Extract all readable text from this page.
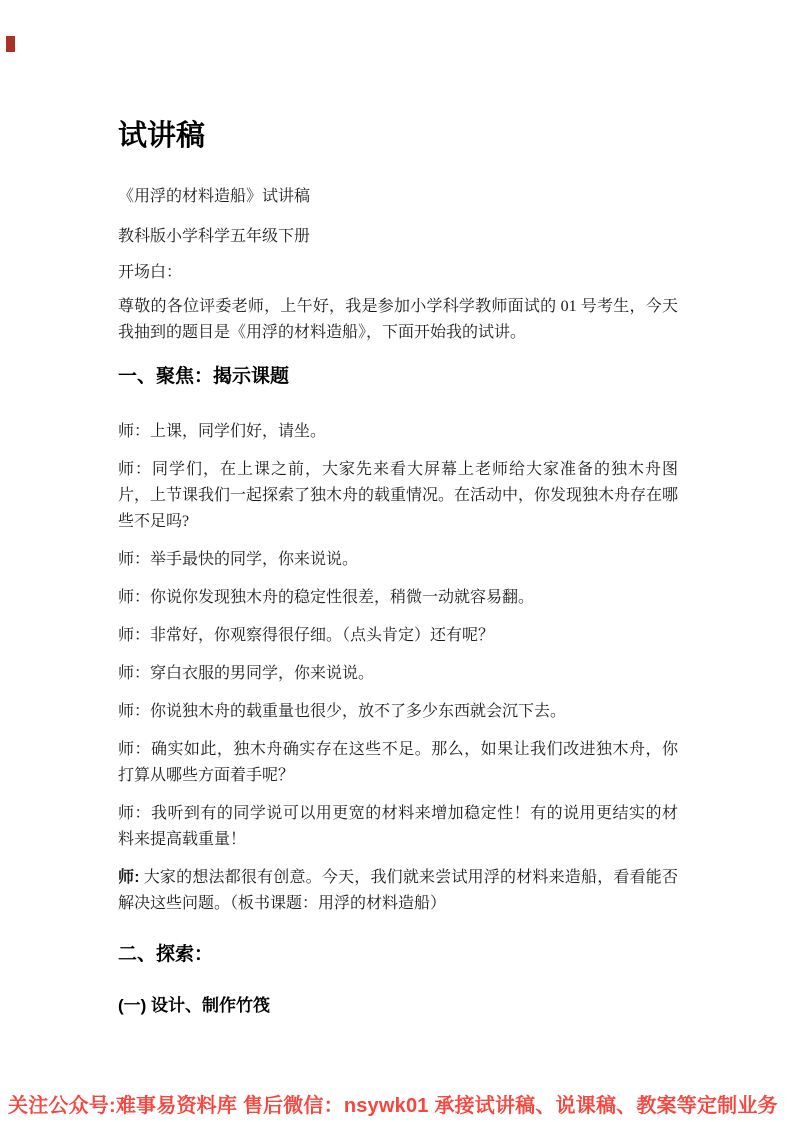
试讲稿

《用浮的材料造船》试讲稿

教科版小学科学五年级下册

开场白：

尊敬的各位评委老师，上午好，我是参加小学科学教师面试的 01 号考生，今天我抽到的题目是《用浮的材料造船》，下面开始我的试讲。

一、聚焦：揭示课题

师：上课，同学们好，请坐。

师：同学们，在上课之前，大家先来看大屏幕上老师给大家准备的独木舟图片，上节课我们一起探索了独木舟的载重情况。在活动中，你发现独木舟存在哪些不足吗?

师：举手最快的同学，你来说说。

师：你说你发现独木舟的稳定性很差，稍微一动就容易翻。

师：非常好，你观察得很仔细。（点头肯定）还有呢？

师：穿白衣服的男同学，你来说说。

师：你说独木舟的载重量也很少，放不了多少东西就会沉下去。

师：确实如此，独木舟确实存在这些不足。那么，如果让我们改进独木舟，你打算从哪些方面着手呢？

师：我听到有的同学说可以用更宽的材料来增加稳定性！有的说用更结实的材料来提高载重量！

师: 大家的想法都很有创意。今天，我们就来尝试用浮的材料来造船，看看能否解决这些问题。（板书课题：用浮的材料造船）

二、探索：
(一) 设计、制作竹筏
关注公众号:难事易资料库 售后微信：nsywk01 承接试讲稿、说课稿、教案等定制业务
